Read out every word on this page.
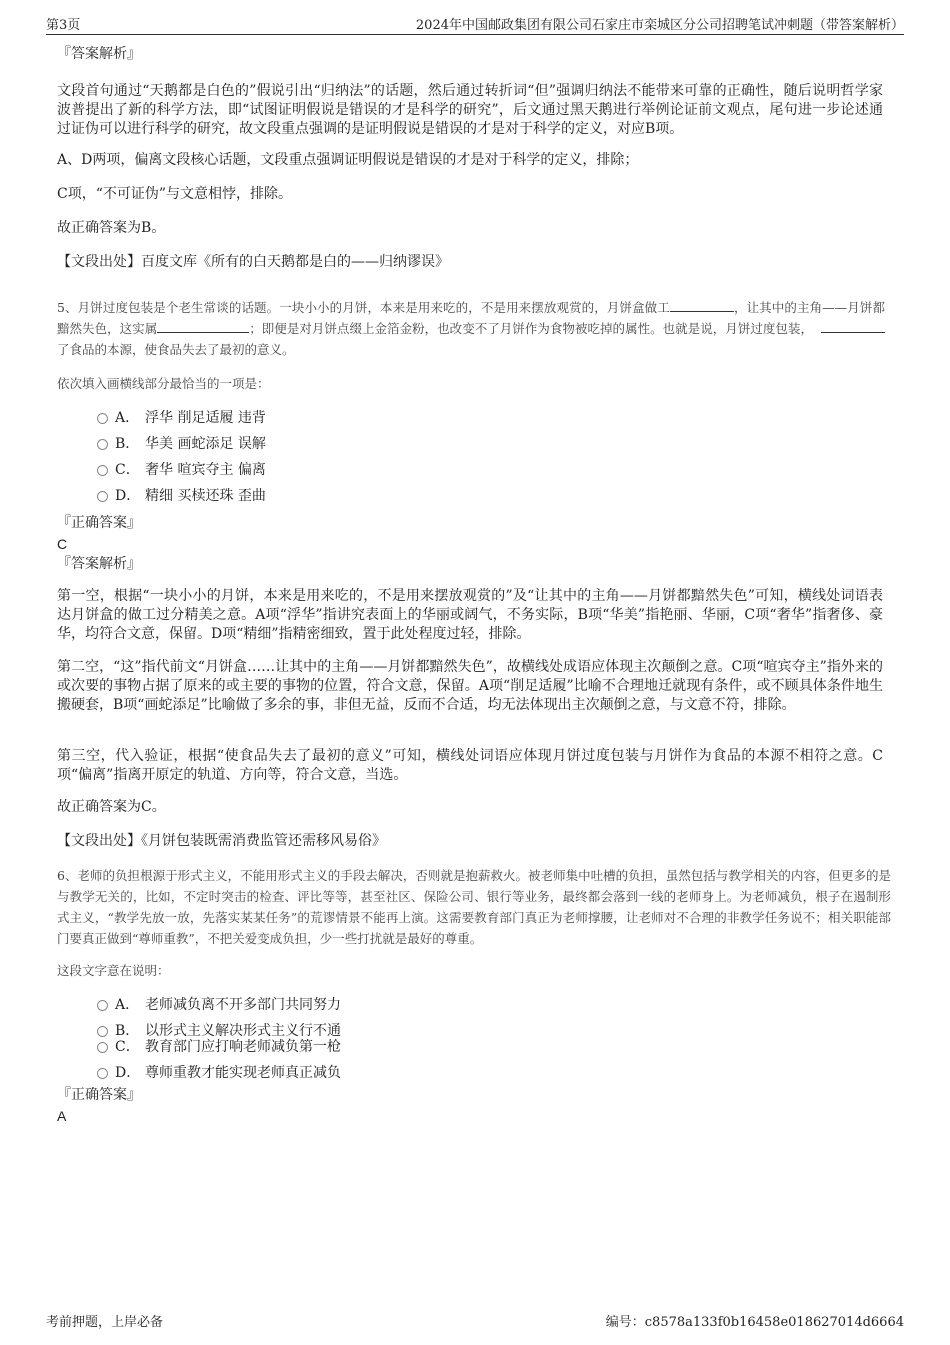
第3页	2024年中国邮政集团有限公司石家庄市栾城区分公司招聘笔试冲刺题（带答案解析）

『答案解析』

文段首句通过“天鹅都是白色的”假说引出“归纳法”的话题，然后通过转折词“但”强调归纳法不能带来可靠的正确性，随后说明哲学家波普提出了新的科学方法，即“试图证明假说是错误的才是科学的研究”，后文通过黑天鹅进行举例论证前文观点，尾句进一步论述通过证伪可以进行科学的研究，故文段重点强调的是证明假说是错误的才是对于科学的定义，对应B项。

A、D两项，偏离文段核心话题，文段重点强调证明假说是错误的才是对于科学的定义，排除；

C项，“不可证伪”与文意相悖，排除。

故正确答案为B。

【文段出处】百度文库《所有的白天鹅都是白的——归纳谬误》

5、月饼过度包装是个老生常谈的话题。一块小小的月饼，本来是用来吃的，不是用来摆放观赏的，月饼盒做工	，让其中的主角——月饼都黯然失色，这实属	；即便是对月饼点缀上金箔金粉，也改变不了月饼作为食物被吃掉的属性。也就是说，月饼过度包装，了食品的本源，使食品失去了最初的意义。

依次填入画横线部分最恰当的一项是：

A． 浮华 削足适履 违背
B． 华美 画蛇添足 误解
C． 奢华 喧宾夺主 偏离
D． 精细 买椟还珠 歪曲

『正确答案』

C

『答案解析』

第一空，根据“一块小小的月饼，本来是用来吃的，不是用来摆放观赏的”及“让其中的主角——月饼都黯然失色”可知，横线处词语表达月饼盒的做工过分精美之意。A项“浮华”指讲究表面上的华丽或阔气，不务实际，B项“华美”指艳丽、华丽，C项“奢华”指奢侈、豪华，均符合文意，保留。D项“精细”指精密细致，置于此处程度过轻，排除。

第二空，“这”指代前文“月饼盒……让其中的主角——月饼都黯然失色”，故横线处成语应体现主次颠倒之意。C项“喧宾夺主”指外来的或次要的事物占据了原来的或主要的事物的位置，符合文意，保留。A项“削足适履”比喻不合理地迁就现有条件，或不顾具体条件地生搬硬套，B项“画蛇添足”比喻做了多余的事，非但无益，反而不合适，均无法体现出主次颠倒之意，与文意不符，排除。

第三空，代入验证，根据“使食品失去了最初的意义”可知，横线处词语应体现月饼过度包装与月饼作为食品的本源不相符之意。C项“偏离”指离开原定的轨道、方向等，符合文意，当选。

故正确答案为C。

【文段出处】《月饼包装既需消费监管还需移风易俗》

6、老师的负担根源于形式主义，不能用形式主义的手段去解决，否则就是抱薪救火。被老师集中吐槽的负担，虽然包括与教学相关的内容，但更多的是与教学无关的，比如，不定时突击的检查、评比等等，甚至社区、保险公司、银行等业务，最终都会落到一线的老师身上。为老师减负，根子在遏制形式主义，“教学先放一放，先落实某某任务”的荒谬情景不能再上演。这需要教育部门真正为老师撑腰，让老师对不合理的非教学任务说不；相关职能部门要真正做到“尊师重教”，不把关爱变成负担，少一些打扰就是最好的尊重。

这段文字意在说明：

A． 老师减负离不开多部门共同努力
B． 以形式主义解决形式主义行不通
C． 教育部门应打响老师减负第一枪
D． 尊师重教才能实现老师真正减负

『正确答案』

A

考前押题，上岸必备	编号：c8578a133f0b16458e018627014d6664
